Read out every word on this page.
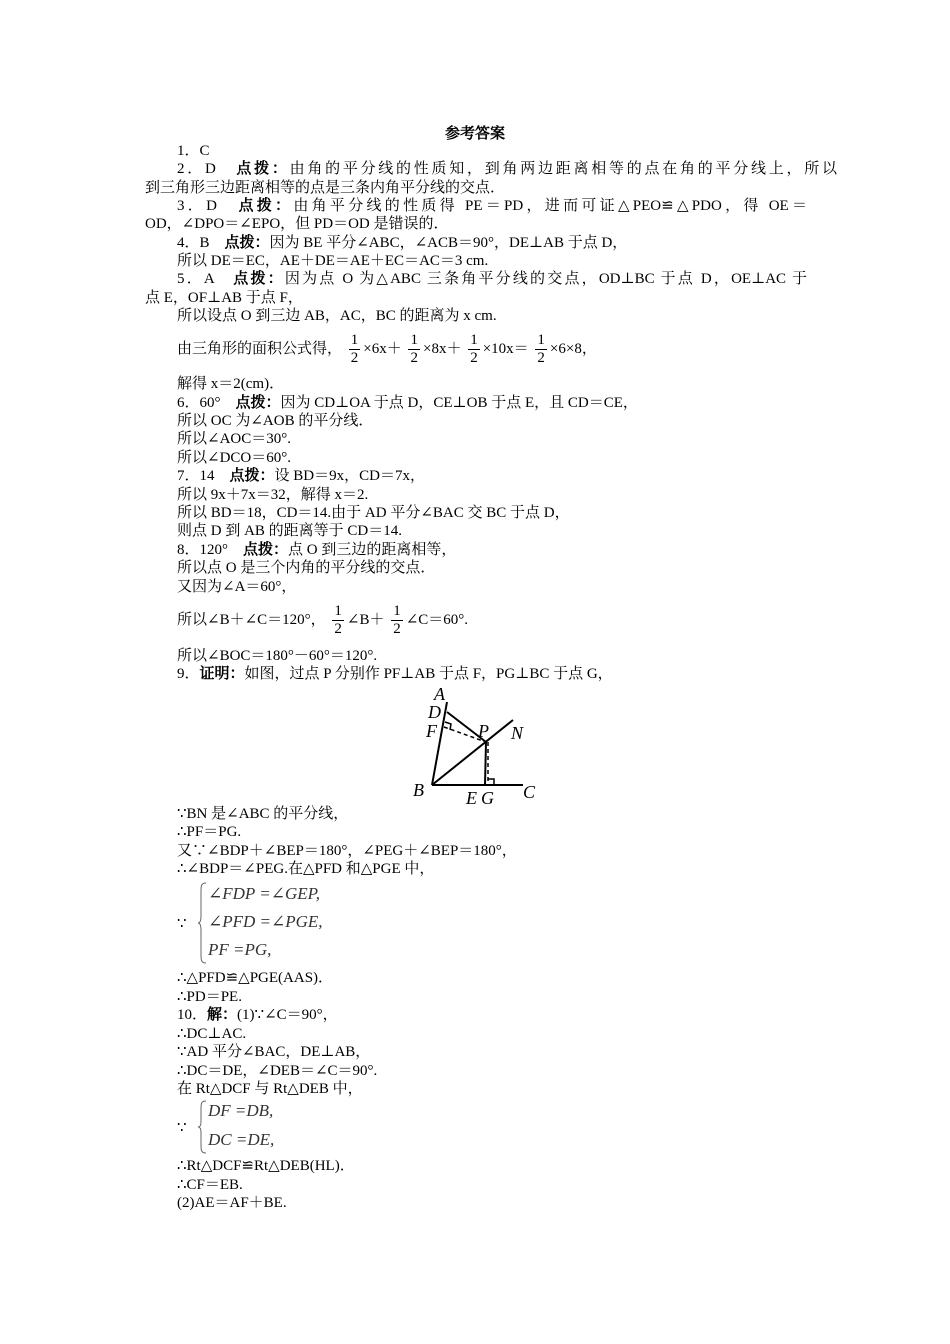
参考答案
1．C
2．D　点拨：由角的平分线的性质知，到角两边距离相等的点在角的平分线上，所以
到三角形三边距离相等的点是三条内角平分线的交点．
3．D　点拨：由角平分线的性质得 PE＝PD，进而可证△PEO≌△PDO，得 OE＝
OD，∠DPO＝∠EPO，但 PD＝OD 是错误的．
4．B　点拨：因为 BE 平分∠ABC，∠ACB＝90°，DE⊥AB 于点 D，
所以 DE＝EC，AE＋DE＝AE＋EC＝AC＝3 cm.
5．A　点拨：因为点 O 为△ABC 三条角平分线的交点，OD⊥BC 于点 D，OE⊥AC 于
点 E，OF⊥AB 于点 F，
所以设点 O 到三边 AB，AC，BC 的距离为 x cm.
由三角形的面积公式得， $\frac{1}{2} \times 6x+ \frac{1}{2} \times 8x+ \frac{1}{2} \times 10x= \frac{1}{2} \times 6\times 8$，
解得 x＝2(cm)．
6．60°　点拨：因为 CD⊥OA 于点 D，CE⊥OB 于点 E，且 CD＝CE，
所以 OC 为∠AOB 的平分线．
所以∠AOC＝30°.
所以∠DCO＝60°.
7．14　点拨：设 BD＝9x，CD＝7x，
所以 9x＋7x＝32，解得 x＝2.
所以 BD＝18，CD＝14.由于 AD 平分∠BAC 交 BC 于点 D，
则点 D 到 AB 的距离等于 CD＝14.
8．120°　点拨：点 O 到三边的距离相等，
所以点 O 是三个内角的平分线的交点．
又因为∠A＝60°，
所以∠B＋∠C＝120°， $\frac{1}{2}$ ∠B＋ $\frac{1}{2}$ ∠C＝60°.
所以∠BOC＝180°－60°＝120°.
9．证明：如图，过点 P 分别作 PF⊥AB 于点 F，PG⊥BC 于点 G，
A
D
F P N
B E G C
∵BN 是∠ABC 的平分线，
∴PF＝PG.
又∵∠BDP＋∠BEP＝180°，∠PEG＋∠BEP＝180°，
∴∠BDP＝∠PEG.在△PFD 和△PGE 中，
∵
∠FDP =∠GEP,
∠PFD =∠PGE,
PF =PG,
∴△PFD≌△PGE(AAS)．
∴PD＝PE.
10．解：(1)∵∠C＝90°，
∴DC⊥AC.
∵AD 平分∠BAC，DE⊥AB，
∴DC＝DE，∠DEB＝∠C＝90°.
在 Rt△DCF 与 Rt△DEB 中，
∵
DF =DB,
DC =DE,
∴Rt△DCF≌Rt△DEB(HL)．
∴CF＝EB.
(2)AE＝AF＋BE.
